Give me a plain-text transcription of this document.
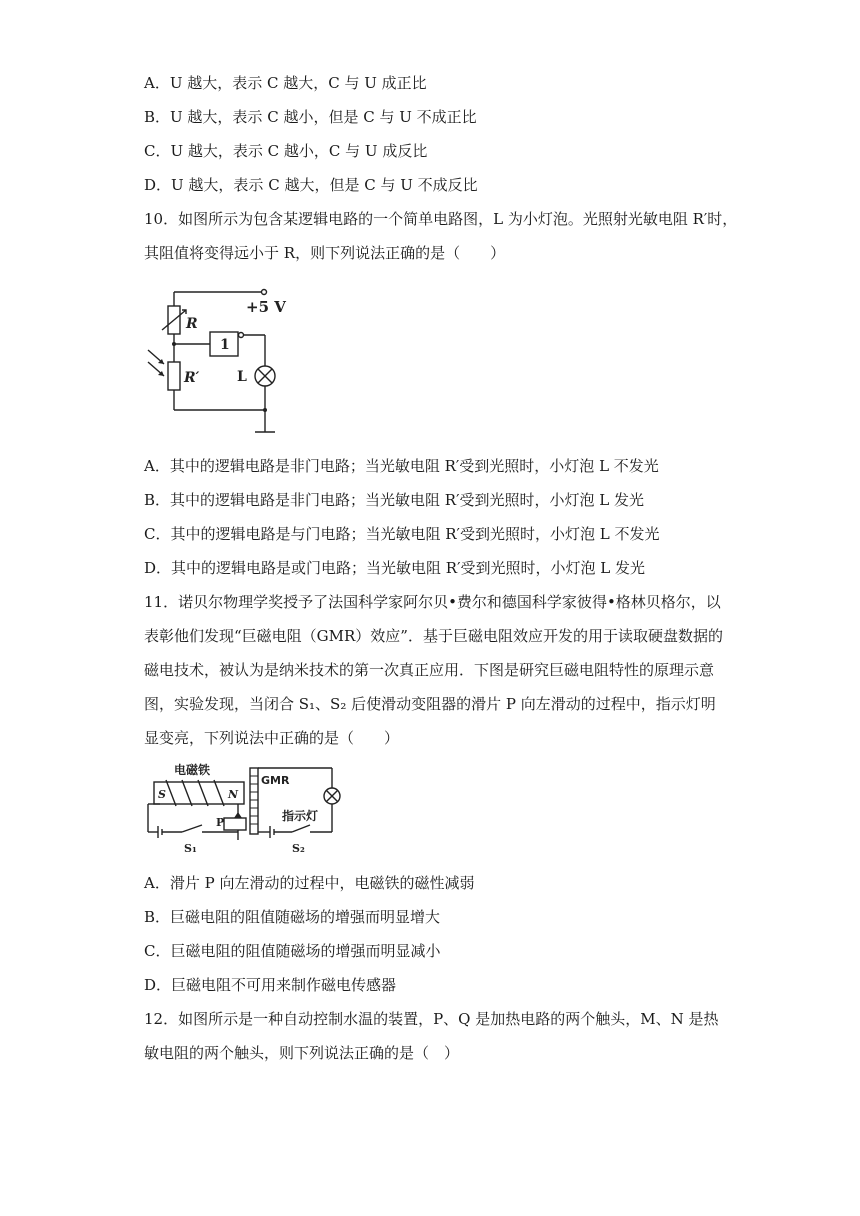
A．U 越大，表示 C 越大，C 与 U 成正比
B．U 越大，表示 C 越小，但是 C 与 U 不成正比
C．U 越大，表示 C 越小，C 与 U 成反比
D．U 越大，表示 C 越大，但是 C 与 U 不成反比
10．如图所示为包含某逻辑电路的一个简单电路图，L 为小灯泡。光照射光敏电阻 R′时，
其阻值将变得远小于 R，则下列说法正确的是（　　）
+5 V
R
R′
1
L
A．其中的逻辑电路是非门电路；当光敏电阻 R′受到光照时，小灯泡 L 不发光
B．其中的逻辑电路是非门电路；当光敏电阻 R′受到光照时，小灯泡 L 发光
C．其中的逻辑电路是与门电路；当光敏电阻 R′受到光照时，小灯泡 L 不发光
D．其中的逻辑电路是或门电路；当光敏电阻 R′受到光照时，小灯泡 L 发光
11．诺贝尔物理学奖授予了法国科学家阿尔贝•费尔和德国科学家彼得•格林贝格尔，以
表彰他们发现“巨磁电阻（GMR）效应”．基于巨磁电阻效应开发的用于读取硬盘数据的
磁电技术，被认为是纳米技术的第一次真正应用．下图是研究巨磁电阻特性的原理示意
图，实验发现，当闭合 S₁、S₂ 后使滑动变阻器的滑片 P 向左滑动的过程中，指示灯明
显变亮，下列说法中正确的是（　　）
电磁铁
S	N
P
S₁
GMR
指示灯
S₂
A．滑片 P 向左滑动的过程中，电磁铁的磁性减弱
B．巨磁电阻的阻值随磁场的增强而明显增大
C．巨磁电阻的阻值随磁场的增强而明显减小
D．巨磁电阻不可用来制作磁电传感器
12．如图所示是一种自动控制水温的装置，P、Q 是加热电路的两个触头，M、N 是热
敏电阻的两个触头，则下列说法正确的是（　）
